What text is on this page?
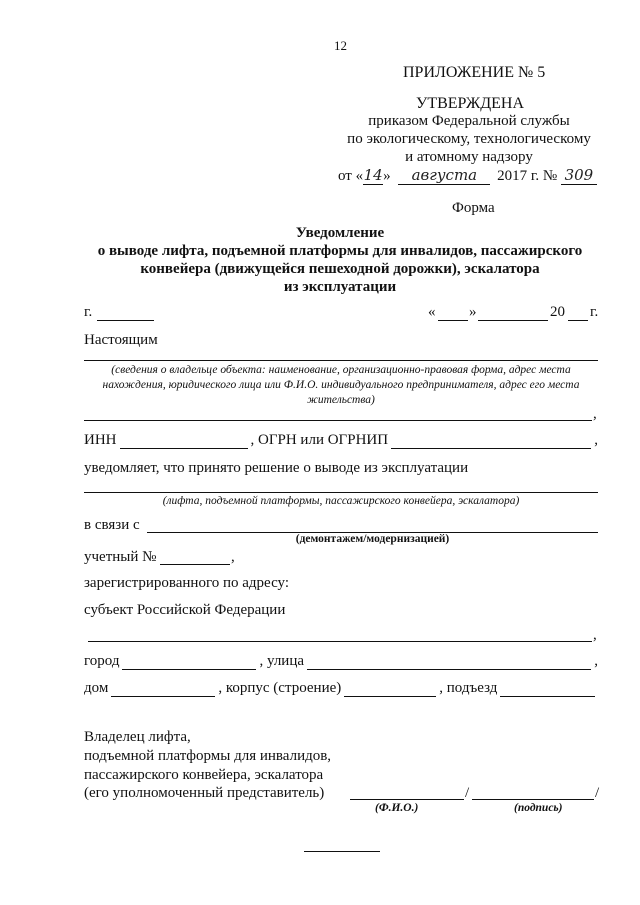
12
ПРИЛОЖЕНИЕ № 5
УТВЕРЖДЕНА
приказом Федеральной службы
по экологическому, технологическому
и атомному надзору
от «14» августа 2017 г. № 309
Форма
Уведомление
о выводе лифта, подъемной платформы для инвалидов, пассажирского
конвейера (движущейся пешеходной дорожки), эскалатора
из эксплуатации
г.	« »	20 г.
Настоящим
(сведения о владельце объекта: наименование, организационно-правовая форма, адрес места
нахождения, юридического лица или Ф.И.О. индивидуального предпринимателя, адрес его места
жительства)
,
ИНН	, ОГРН или ОГРНИП	,
уведомляет, что принято решение о выводе из эксплуатации
(лифта, подъемной платформы, пассажирского конвейера, эскалатора)
в связи с
(демонтажем/модернизацией)
учетный №	,
зарегистрированного по адресу:
субъект Российской Федерации
,
город	, улица	,
дом	, корпус (строение)	, подъезд
Владелец лифта,
подъемной платформы для инвалидов,
пассажирского конвейера, эскалатора
(его уполномоченный представитель)	/	/
(Ф.И.О.)	(подпись)
